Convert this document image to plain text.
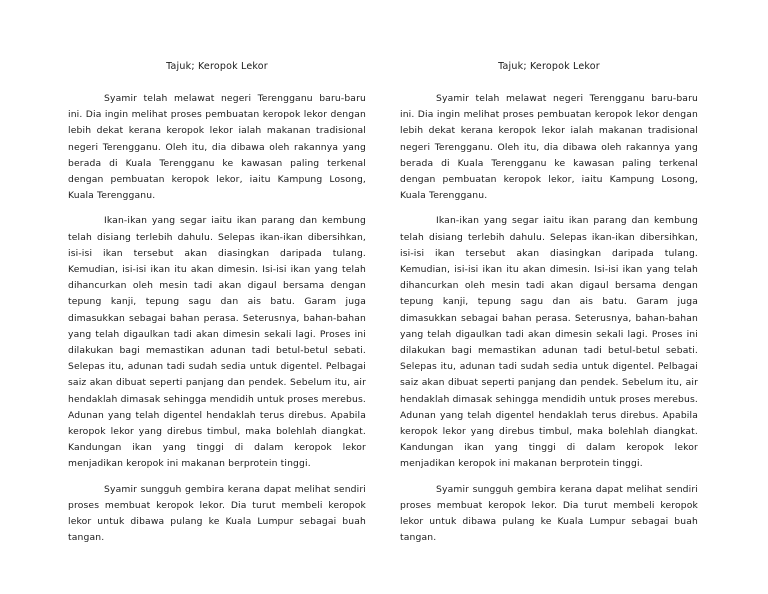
Tajuk; Keropok Lekor

Syamir telah melawat negeri Terengganu baru-baru ini. Dia ingin melihat proses pembuatan keropok lekor dengan lebih dekat kerana keropok lekor ialah makanan tradisional negeri Terengganu. Oleh itu, dia dibawa oleh rakannya yang berada di Kuala Terengganu ke kawasan paling terkenal dengan pembuatan keropok lekor, iaitu Kampung Losong, Kuala Terengganu.

Ikan-ikan yang segar iaitu ikan parang dan kembung telah disiang terlebih dahulu. Selepas ikan-ikan dibersihkan, isi-isi ikan tersebut akan diasingkan daripada tulang. Kemudian, isi-isi ikan itu akan dimesin. Isi-isi ikan yang telah dihancurkan oleh mesin tadi akan digaul bersama dengan tepung kanji, tepung sagu dan ais batu. Garam juga dimasukkan sebagai bahan perasa. Seterusnya, bahan-bahan yang telah digaulkan tadi akan dimesin sekali lagi. Proses ini dilakukan bagi memastikan adunan tadi betul-betul sebati. Selepas itu, adunan tadi sudah sedia untuk digentel. Pelbagai saiz akan dibuat seperti panjang dan pendek. Sebelum itu, air hendaklah dimasak sehingga mendidih untuk proses merebus. Adunan yang telah digentel hendaklah terus direbus. Apabila keropok lekor yang direbus timbul, maka bolehlah diangkat. Kandungan ikan yang tinggi di dalam keropok lekor menjadikan keropok ini makanan berprotein tinggi.

Syamir sungguh gembira kerana dapat melihat sendiri proses membuat keropok lekor. Dia turut membeli keropok lekor untuk dibawa pulang ke Kuala Lumpur sebagai buah tangan.

Tajuk; Keropok Lekor

Syamir telah melawat negeri Terengganu baru-baru ini. Dia ingin melihat proses pembuatan keropok lekor dengan lebih dekat kerana keropok lekor ialah makanan tradisional negeri Terengganu. Oleh itu, dia dibawa oleh rakannya yang berada di Kuala Terengganu ke kawasan paling terkenal dengan pembuatan keropok lekor, iaitu Kampung Losong, Kuala Terengganu.

Ikan-ikan yang segar iaitu ikan parang dan kembung telah disiang terlebih dahulu. Selepas ikan-ikan dibersihkan, isi-isi ikan tersebut akan diasingkan daripada tulang. Kemudian, isi-isi ikan itu akan dimesin. Isi-isi ikan yang telah dihancurkan oleh mesin tadi akan digaul bersama dengan tepung kanji, tepung sagu dan ais batu. Garam juga dimasukkan sebagai bahan perasa. Seterusnya, bahan-bahan yang telah digaulkan tadi akan dimesin sekali lagi. Proses ini dilakukan bagi memastikan adunan tadi betul-betul sebati. Selepas itu, adunan tadi sudah sedia untuk digentel. Pelbagai saiz akan dibuat seperti panjang dan pendek. Sebelum itu, air hendaklah dimasak sehingga mendidih untuk proses merebus. Adunan yang telah digentel hendaklah terus direbus. Apabila keropok lekor yang direbus timbul, maka bolehlah diangkat. Kandungan ikan yang tinggi di dalam keropok lekor menjadikan keropok ini makanan berprotein tinggi.

Syamir sungguh gembira kerana dapat melihat sendiri proses membuat keropok lekor. Dia turut membeli keropok lekor untuk dibawa pulang ke Kuala Lumpur sebagai buah tangan.
